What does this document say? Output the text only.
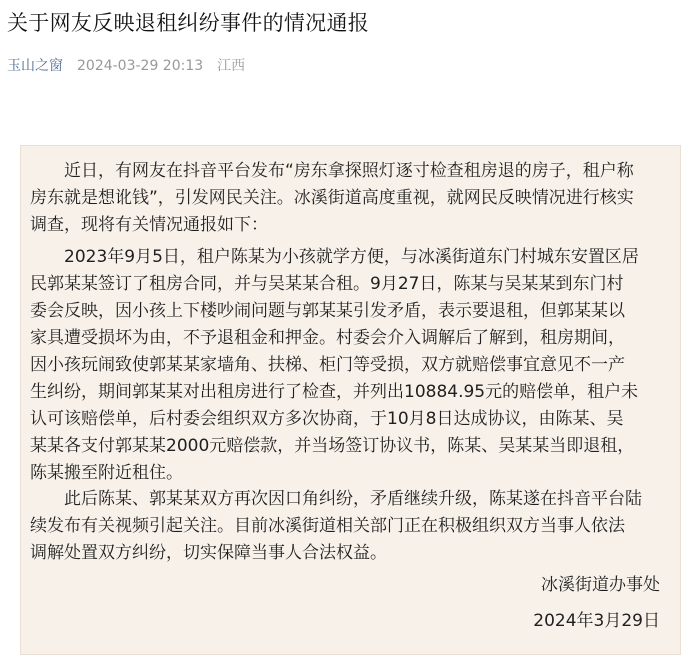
关于网友反映退租纠纷事件的情况通报
玉山之窗 2024-03-29 20:13 江西

　　近日，有网友在抖音平台发布“房东拿探照灯逐寸检查租房退的房子，租户称
房东就是想讹钱”，引发网民关注。冰溪街道高度重视，就网民反映情况进行核实
调查，现将有关情况通报如下：

　　2023年9月5日，租户陈某为小孩就学方便，与冰溪街道东门村城东安置区居
民郭某某签订了租房合同，并与吴某某合租。9月27日，陈某与吴某某到东门村
委会反映，因小孩上下楼吵闹问题与郭某某引发矛盾，表示要退租，但郭某某以
家具遭受损坏为由，不予退租金和押金。村委会介入调解后了解到，租房期间，
因小孩玩闹致使郭某某家墙角、扶梯、柜门等受损，双方就赔偿事宜意见不一产
生纠纷，期间郭某某对出租房进行了检查，并列出10884.95元的赔偿单，租户未
认可该赔偿单，后村委会组织双方多次协商，于10月8日达成协议，由陈某、吴
某某各支付郭某某2000元赔偿款，并当场签订协议书，陈某、吴某某当即退租，
陈某搬至附近租住。

　　此后陈某、郭某某双方再次因口角纠纷，矛盾继续升级，陈某遂在抖音平台陆
续发布有关视频引起关注。目前冰溪街道相关部门正在积极组织双方当事人依法
调解处置双方纠纷，切实保障当事人合法权益。

冰溪街道办事处
2024年3月29日
